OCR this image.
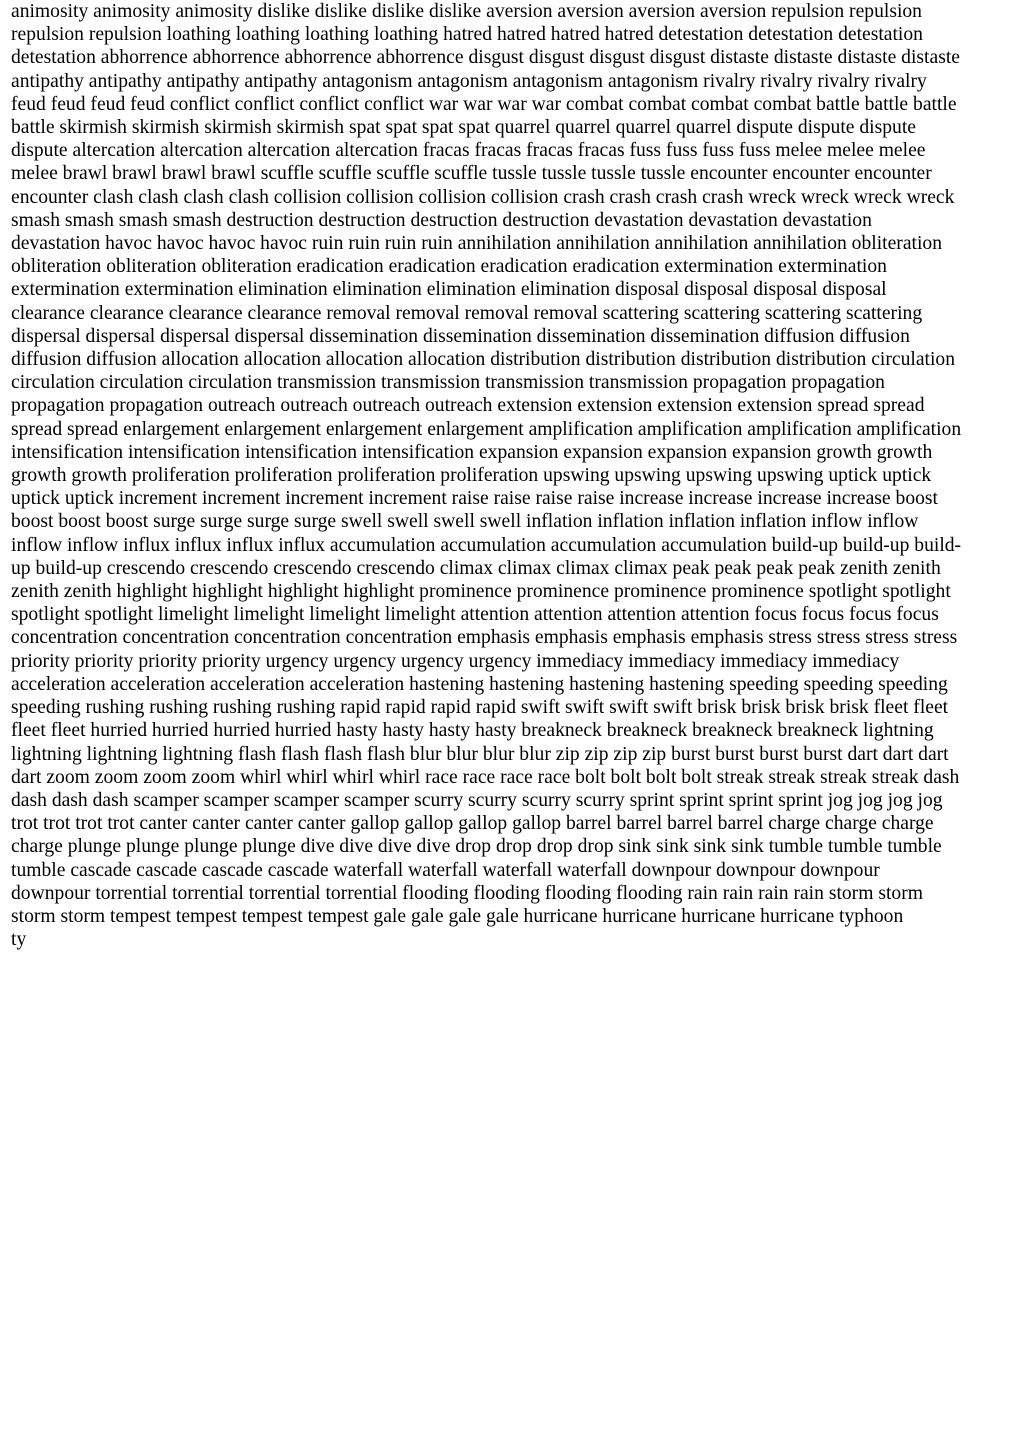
animosity animosity animosity dislike dislike dislike dislike aversion aversion aversion aversion repulsion repulsion
repulsion repulsion loathing loathing loathing loathing hatred hatred hatred hatred detestation detestation detestation
detestation abhorrence abhorrence abhorrence abhorrence disgust disgust disgust disgust distaste distaste distaste distaste
antipathy antipathy antipathy antipathy antagonism antagonism antagonism antagonism rivalry rivalry rivalry rivalry
feud feud feud feud conflict conflict conflict conflict war war war war combat combat combat combat battle battle battle
battle skirmish skirmish skirmish skirmish spat spat spat spat quarrel quarrel quarrel quarrel dispute dispute dispute
dispute altercation altercation altercation altercation fracas fracas fracas fracas fuss fuss fuss fuss melee melee melee
melee brawl brawl brawl brawl scuffle scuffle scuffle scuffle tussle tussle tussle tussle encounter encounter encounter
encounter clash clash clash clash collision collision collision collision crash crash crash crash wreck wreck wreck wreck
smash smash smash smash destruction destruction destruction destruction devastation devastation devastation
devastation havoc havoc havoc havoc ruin ruin ruin ruin annihilation annihilation annihilation annihilation obliteration
obliteration obliteration obliteration eradication eradication eradication eradication extermination extermination
extermination extermination elimination elimination elimination elimination disposal disposal disposal disposal
clearance clearance clearance clearance removal removal removal removal scattering scattering scattering scattering
dispersal dispersal dispersal dispersal dissemination dissemination dissemination dissemination diffusion diffusion
diffusion diffusion allocation allocation allocation allocation distribution distribution distribution distribution circulation
circulation circulation circulation transmission transmission transmission transmission propagation propagation
propagation propagation outreach outreach outreach outreach extension extension extension extension spread spread
spread spread enlargement enlargement enlargement enlargement amplification amplification amplification amplification
intensification intensification intensification intensification expansion expansion expansion expansion growth growth
growth growth proliferation proliferation proliferation proliferation upswing upswing upswing upswing uptick uptick
uptick uptick increment increment increment increment raise raise raise raise increase increase increase increase boost
boost boost boost surge surge surge surge swell swell swell swell inflation inflation inflation inflation inflow inflow
inflow inflow influx influx influx influx accumulation accumulation accumulation accumulation build-up build-up build-
up build-up crescendo crescendo crescendo crescendo climax climax climax climax peak peak peak peak zenith zenith
zenith zenith highlight highlight highlight highlight prominence prominence prominence prominence spotlight spotlight
spotlight spotlight limelight limelight limelight limelight attention attention attention attention focus focus focus focus
concentration concentration concentration concentration emphasis emphasis emphasis emphasis stress stress stress stress
priority priority priority priority urgency urgency urgency urgency immediacy immediacy immediacy immediacy
acceleration acceleration acceleration acceleration hastening hastening hastening hastening speeding speeding speeding
speeding rushing rushing rushing rushing rapid rapid rapid rapid swift swift swift swift brisk brisk brisk brisk fleet fleet
fleet fleet hurried hurried hurried hurried hasty hasty hasty hasty breakneck breakneck breakneck breakneck lightning
lightning lightning lightning flash flash flash flash blur blur blur blur zip zip zip zip burst burst burst burst dart dart dart
dart zoom zoom zoom zoom whirl whirl whirl whirl race race race race bolt bolt bolt bolt streak streak streak streak dash
dash dash dash scamper scamper scamper scamper scurry scurry scurry scurry sprint sprint sprint sprint jog jog jog jog
trot trot trot trot canter canter canter canter gallop gallop gallop gallop barrel barrel barrel barrel charge charge charge
charge plunge plunge plunge plunge dive dive dive dive drop drop drop drop sink sink sink sink tumble tumble tumble
tumble cascade cascade cascade cascade waterfall waterfall waterfall waterfall downpour downpour downpour
downpour torrential torrential torrential torrential flooding flooding flooding flooding rain rain rain rain storm storm
storm storm tempest tempest tempest tempest gale gale gale gale hurricane hurricane hurricane hurricane typhoon
ty
